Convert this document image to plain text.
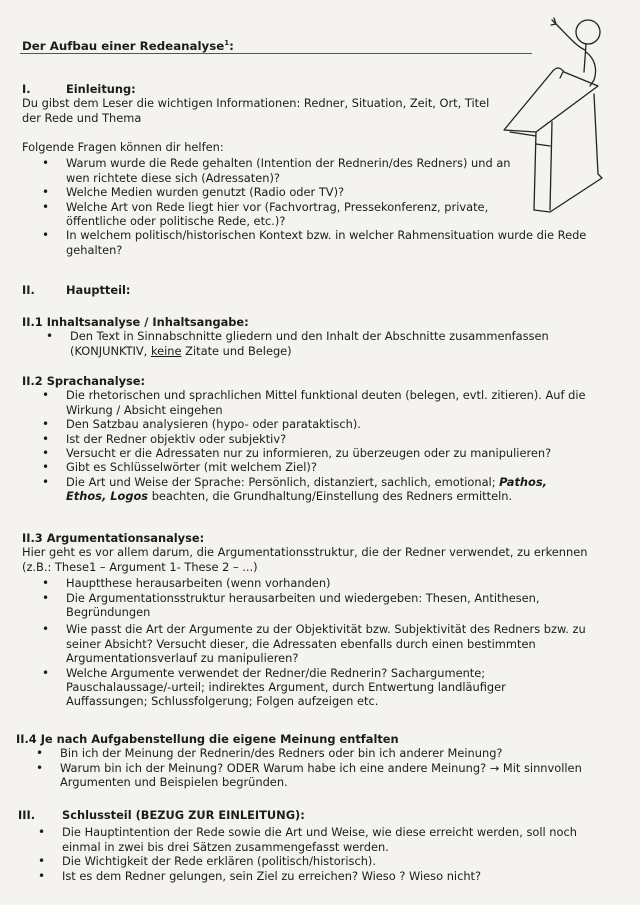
Der Aufbau einer Redeanalyse$^1$:
I.	Einleitung:
Du gibst dem Leser die wichtigen Informationen: Redner, Situation, Zeit, Ort, Titel
der Rede und Thema
Folgende Fragen können dir helfen:
• Warum wurde die Rede gehalten (Intention der Rednerin/des Redners) und an
wen richtete diese sich (Adressaten)?
• Welche Medien wurden genutzt (Radio oder TV)?
• Welche Art von Rede liegt hier vor (Fachvortrag, Pressekonferenz, private,
öffentliche oder politische Rede, etc.)?
• In welchem politisch/historischen Kontext bzw. in welcher Rahmensituation wurde die Rede
gehalten?
II.	Hauptteil:
II.1 Inhaltsanalyse / Inhaltsangabe:
• Den Text in Sinnabschnitte gliedern und den Inhalt der Abschnitte zusammenfassen
(KONJUNKTIV, keine Zitate und Belege)
II.2 Sprachanalyse:
• Die rhetorischen und sprachlichen Mittel funktional deuten (belegen, evtl. zitieren). Auf die
Wirkung / Absicht eingehen
• Den Satzbau analysieren (hypo- oder parataktisch).
• Ist der Redner objektiv oder subjektiv?
• Versucht er die Adressaten nur zu informieren, zu überzeugen oder zu manipulieren?
• Gibt es Schlüsselwörter (mit welchem Ziel)?
• Die Art und Weise der Sprache: Persönlich, distanziert, sachlich, emotional; Pathos,
Ethos, Logos beachten, die Grundhaltung/Einstellung des Redners ermitteln.
II.3 Argumentationsanalyse:
Hier geht es vor allem darum, die Argumentationsstruktur, die der Redner verwendet, zu erkennen
(z.B.: These1 – Argument 1- These 2 – ...)
• Hauptthese herausarbeiten (wenn vorhanden)
• Die Argumentationsstruktur herausarbeiten und wiedergeben: Thesen, Antithesen,
Begründungen
• Wie passt die Art der Argumente zu der Objektivität bzw. Subjektivität des Redners bzw. zu
seiner Absicht? Versucht dieser, die Adressaten ebenfalls durch einen bestimmten
Argumentationsverlauf zu manipulieren?
• Welche Argumente verwendet der Redner/die Rednerin? Sachargumente;
Pauschalaussage/-urteil; indirektes Argument, durch Entwertung landläufiger
Auffassungen; Schlussfolgerung; Folgen aufzeigen etc.
II.4 Je nach Aufgabenstellung die eigene Meinung entfalten
• Bin ich der Meinung der Rednerin/des Redners oder bin ich anderer Meinung?
• Warum bin ich der Meinung? ODER Warum habe ich eine andere Meinung? → Mit sinnvollen
Argumenten und Beispielen begründen.
III. Schlussteil (BEZUG ZUR EINLEITUNG):
• Die Hauptintention der Rede sowie die Art und Weise, wie diese erreicht werden, soll noch
einmal in zwei bis drei Sätzen zusammengefasst werden.
• Die Wichtigkeit der Rede erklären (politisch/historisch).
• Ist es dem Redner gelungen, sein Ziel zu erreichen? Wieso ? Wieso nicht?
